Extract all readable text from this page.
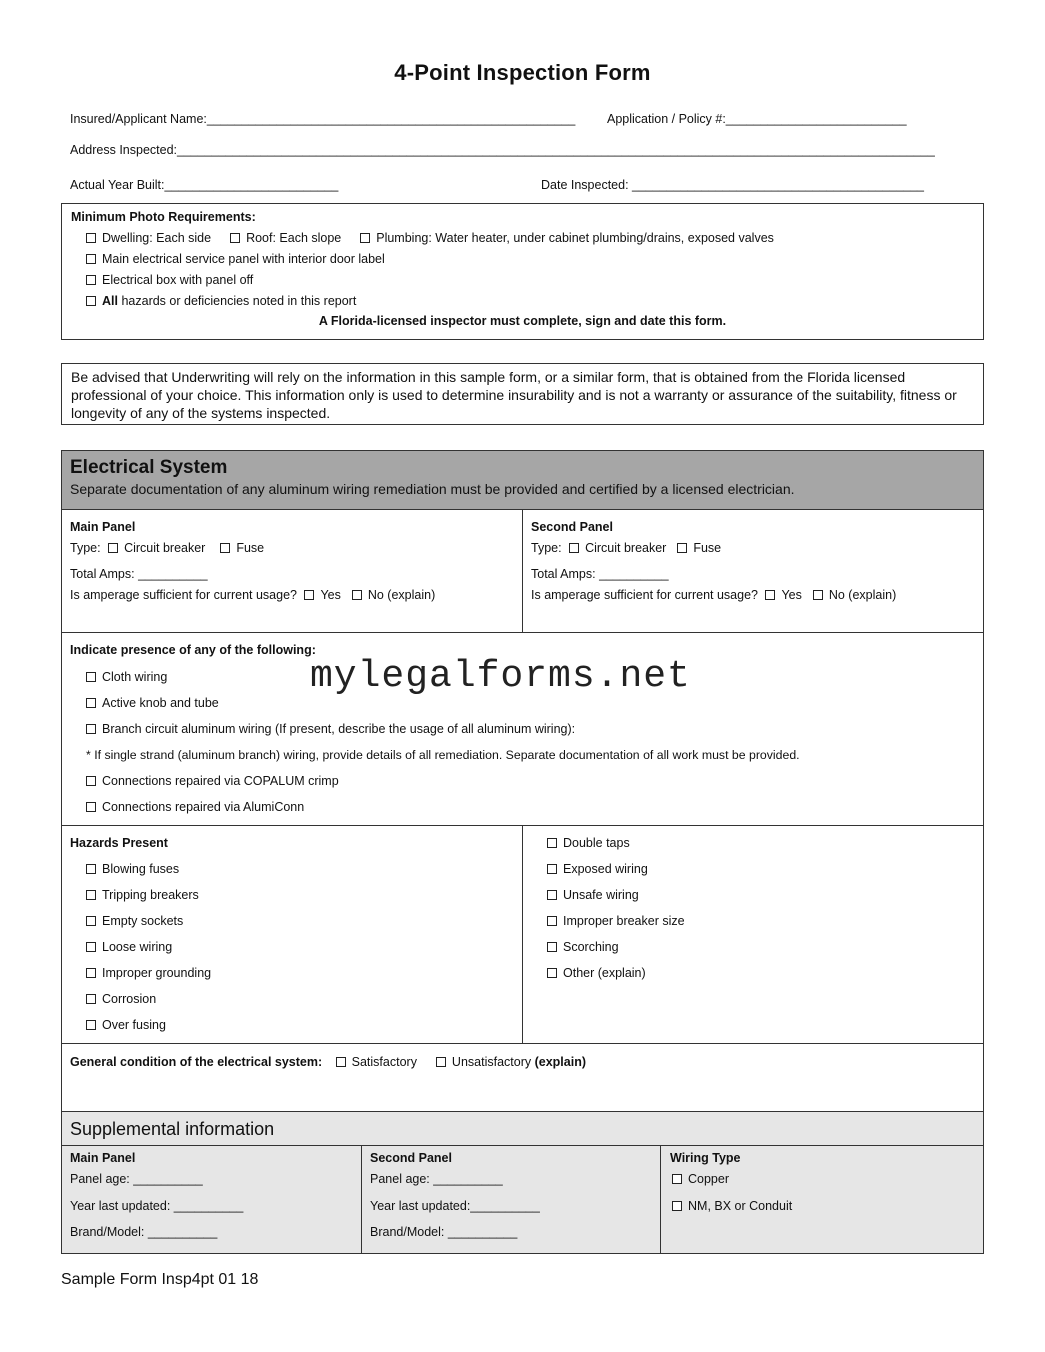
4-Point Inspection Form
Insured/Applicant Name:_____________________________________________________	Application / Policy #:__________________________
Address Inspected:_____________________________________________________________________________________________________________
Actual Year Built:_________________________	Date Inspected: __________________________________________
Minimum Photo Requirements:
Dwelling: Each side	Roof: Each slope	Plumbing: Water heater, under cabinet plumbing/drains, exposed valves
Main electrical service panel with interior door label
Electrical box with panel off
All hazards or deficiencies noted in this report
A Florida-licensed inspector must complete, sign and date this form.
Be advised that Underwriting will rely on the information in this sample form, or a similar form, that is obtained from the Florida licensed professional of your choice. This information only is used to determine insurability and is not a warranty or assurance of the suitability, fitness or longevity of any of the systems inspected.
Electrical System
Separate documentation of any aluminum wiring remediation must be provided and certified by a licensed electrician.
Main Panel
Type: Circuit breaker Fuse
Total Amps: __________
Is amperage sufficient for current usage? Yes No (explain)
Second Panel
Type: Circuit breaker Fuse
Total Amps: __________
Is amperage sufficient for current usage? Yes No (explain)
Indicate presence of any of the following:
Cloth wiring
Active knob and tube
Branch circuit aluminum wiring (If present, describe the usage of all aluminum wiring):
* If single strand (aluminum branch) wiring, provide details of all remediation. Separate documentation of all work must be provided.
Connections repaired via COPALUM crimp
Connections repaired via AlumiConn
mylegalforms.net
Hazards Present
Blowing fuses
Tripping breakers
Empty sockets
Loose wiring
Improper grounding
Corrosion
Over fusing
Double taps
Exposed wiring
Unsafe wiring
Improper breaker size
Scorching
Other (explain)
General condition of the electrical system: Satisfactory	Unsatisfactory (explain)
Supplemental information
Main Panel
Panel age: __________
Year last updated: __________
Brand/Model: __________
Second Panel
Panel age: __________
Year last updated:__________
Brand/Model: __________
Wiring Type
Copper
NM, BX or Conduit
Sample Form Insp4pt 01 18
